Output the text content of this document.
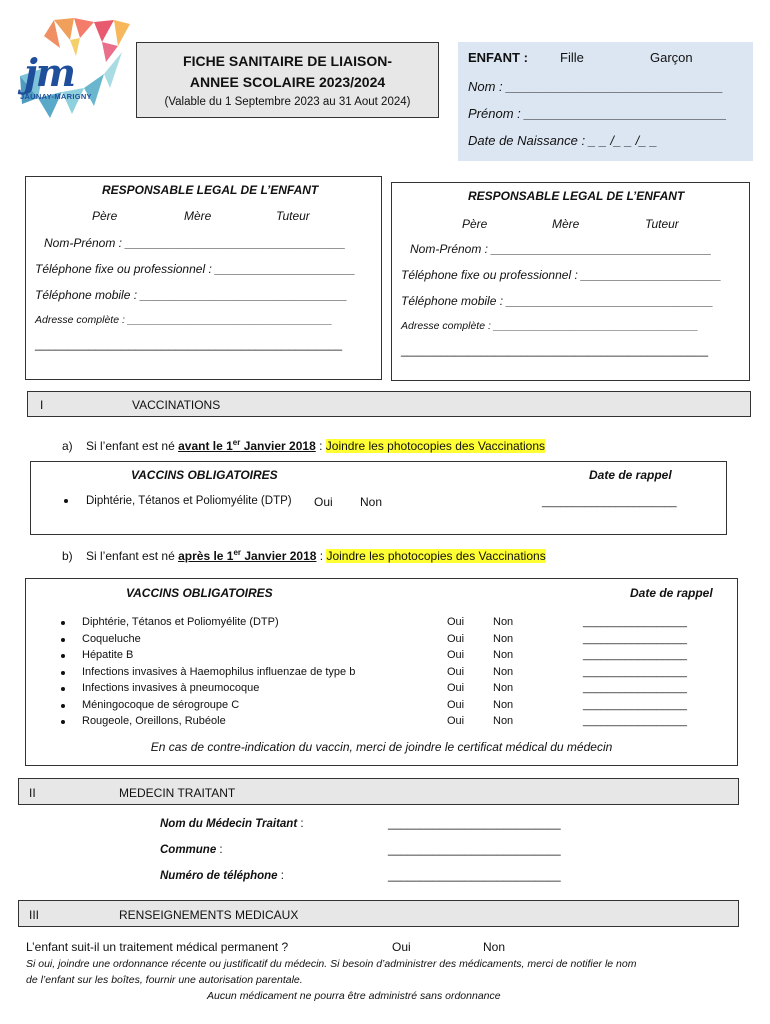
jm
JAUNAY-MARIGNY
FICHE SANITAIRE DE LIAISON-
ANNEE SCOLAIRE 2023/2024
(Valable du 1 Septembre 2023 au 31 Aout 2024)
ENFANT : Fille	Garçon
Nom : ______________________________
Prénom : ____________________________
Date de Naissance : _ _ /_ _ /_ _
RESPONSABLE LEGAL DE L’ENFANT
Père	Mère	Tuteur
Nom-Prénom : _________________________________
Téléphone fixe ou professionnel : _____________________
Téléphone mobile : _______________________________
Adresse complète : ___________________________________
______________________________________________
RESPONSABLE LEGAL DE L’ENFANT
Père	Mère	Tuteur
Nom-Prénom : _________________________________
Téléphone fixe ou professionnel : _____________________
Téléphone mobile : _______________________________
Adresse complète : ___________________________________
______________________________________________
I	VACCINATIONS
a) Si l’enfant est né avant le 1er Janvier 2018 : Joindre les photocopies des Vaccinations
VACCINS OBLIGATOIRES	Date de rappel
Diphtérie, Tétanos et Poliomyélite (DTP) Oui Non	______________________
b) Si l’enfant est né après le 1er Janvier 2018 : Joindre les photocopies des Vaccinations
VACCINS OBLIGATOIRES	Date de rappel
Diphtérie, Tétanos et Poliomyélite (DTP)	Oui	Non	_________________
Coqueluche	Oui	Non	_________________
Hépatite B	Oui	Non	_________________
Infections invasives à Haemophilus influenzae de type b	Oui	Non	_________________
Infections invasives à pneumocoque	Oui	Non	_________________
Méningocoque de sérogroupe C	Oui	Non	_________________
Rougeole, Oreillons, Rubéole	Oui	Non	_________________
En cas de contre-indication du vaccin, merci de joindre le certificat médical du médecin
II	MEDECIN TRAITANT
Nom du Médecin Traitant :	___________________________
Commune :	___________________________
Numéro de téléphone :	___________________________
III	RENSEIGNEMENTS MEDICAUX
L’enfant suit-il un traitement médical permanent ?	Oui	Non
Si oui, joindre une ordonnance récente ou justificatif du médecin. Si besoin d’administrer des médicaments, merci de notifier le nom
de l’enfant sur les boîtes, fournir une autorisation parentale.
Aucun médicament ne pourra être administré sans ordonnance
